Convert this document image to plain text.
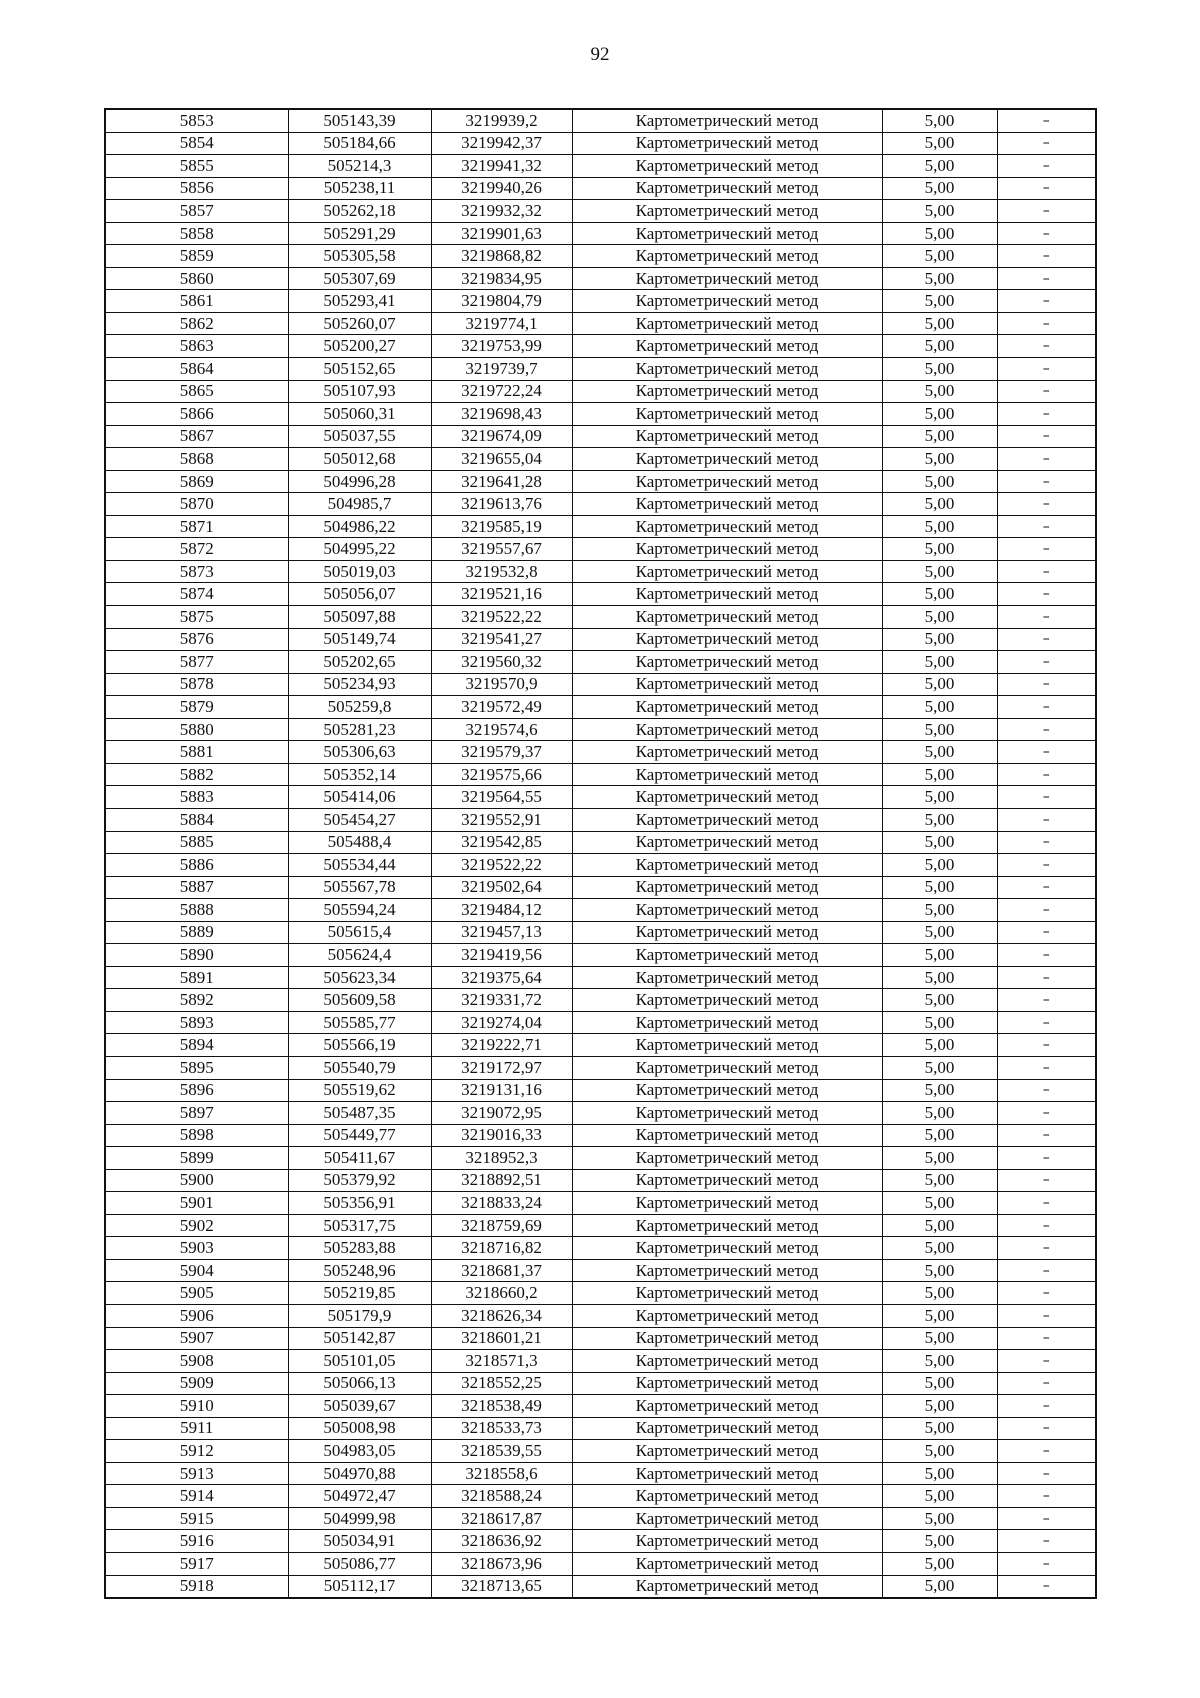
92
5853	505143,39	3219939,2	Картометрический метод	5,00	–
5854	505184,66	3219942,37	Картометрический метод	5,00	–
5855	505214,3	3219941,32	Картометрический метод	5,00	–
5856	505238,11	3219940,26	Картометрический метод	5,00	–
5857	505262,18	3219932,32	Картометрический метод	5,00	–
5858	505291,29	3219901,63	Картометрический метод	5,00	–
5859	505305,58	3219868,82	Картометрический метод	5,00	–
5860	505307,69	3219834,95	Картометрический метод	5,00	–
5861	505293,41	3219804,79	Картометрический метод	5,00	–
5862	505260,07	3219774,1	Картометрический метод	5,00	–
5863	505200,27	3219753,99	Картометрический метод	5,00	–
5864	505152,65	3219739,7	Картометрический метод	5,00	–
5865	505107,93	3219722,24	Картометрический метод	5,00	–
5866	505060,31	3219698,43	Картометрический метод	5,00	–
5867	505037,55	3219674,09	Картометрический метод	5,00	–
5868	505012,68	3219655,04	Картометрический метод	5,00	–
5869	504996,28	3219641,28	Картометрический метод	5,00	–
5870	504985,7	3219613,76	Картометрический метод	5,00	–
5871	504986,22	3219585,19	Картометрический метод	5,00	–
5872	504995,22	3219557,67	Картометрический метод	5,00	–
5873	505019,03	3219532,8	Картометрический метод	5,00	–
5874	505056,07	3219521,16	Картометрический метод	5,00	–
5875	505097,88	3219522,22	Картометрический метод	5,00	–
5876	505149,74	3219541,27	Картометрический метод	5,00	–
5877	505202,65	3219560,32	Картометрический метод	5,00	–
5878	505234,93	3219570,9	Картометрический метод	5,00	–
5879	505259,8	3219572,49	Картометрический метод	5,00	–
5880	505281,23	3219574,6	Картометрический метод	5,00	–
5881	505306,63	3219579,37	Картометрический метод	5,00	–
5882	505352,14	3219575,66	Картометрический метод	5,00	–
5883	505414,06	3219564,55	Картометрический метод	5,00	–
5884	505454,27	3219552,91	Картометрический метод	5,00	–
5885	505488,4	3219542,85	Картометрический метод	5,00	–
5886	505534,44	3219522,22	Картометрический метод	5,00	–
5887	505567,78	3219502,64	Картометрический метод	5,00	–
5888	505594,24	3219484,12	Картометрический метод	5,00	–
5889	505615,4	3219457,13	Картометрический метод	5,00	–
5890	505624,4	3219419,56	Картометрический метод	5,00	–
5891	505623,34	3219375,64	Картометрический метод	5,00	–
5892	505609,58	3219331,72	Картометрический метод	5,00	–
5893	505585,77	3219274,04	Картометрический метод	5,00	–
5894	505566,19	3219222,71	Картометрический метод	5,00	–
5895	505540,79	3219172,97	Картометрический метод	5,00	–
5896	505519,62	3219131,16	Картометрический метод	5,00	–
5897	505487,35	3219072,95	Картометрический метод	5,00	–
5898	505449,77	3219016,33	Картометрический метод	5,00	–
5899	505411,67	3218952,3	Картометрический метод	5,00	–
5900	505379,92	3218892,51	Картометрический метод	5,00	–
5901	505356,91	3218833,24	Картометрический метод	5,00	–
5902	505317,75	3218759,69	Картометрический метод	5,00	–
5903	505283,88	3218716,82	Картометрический метод	5,00	–
5904	505248,96	3218681,37	Картометрический метод	5,00	–
5905	505219,85	3218660,2	Картометрический метод	5,00	–
5906	505179,9	3218626,34	Картометрический метод	5,00	–
5907	505142,87	3218601,21	Картометрический метод	5,00	–
5908	505101,05	3218571,3	Картометрический метод	5,00	–
5909	505066,13	3218552,25	Картометрический метод	5,00	–
5910	505039,67	3218538,49	Картометрический метод	5,00	–
5911	505008,98	3218533,73	Картометрический метод	5,00	–
5912	504983,05	3218539,55	Картометрический метод	5,00	–
5913	504970,88	3218558,6	Картометрический метод	5,00	–
5914	504972,47	3218588,24	Картометрический метод	5,00	–
5915	504999,98	3218617,87	Картометрический метод	5,00	–
5916	505034,91	3218636,92	Картометрический метод	5,00	–
5917	505086,77	3218673,96	Картометрический метод	5,00	–
5918	505112,17	3218713,65	Картометрический метод	5,00	–
